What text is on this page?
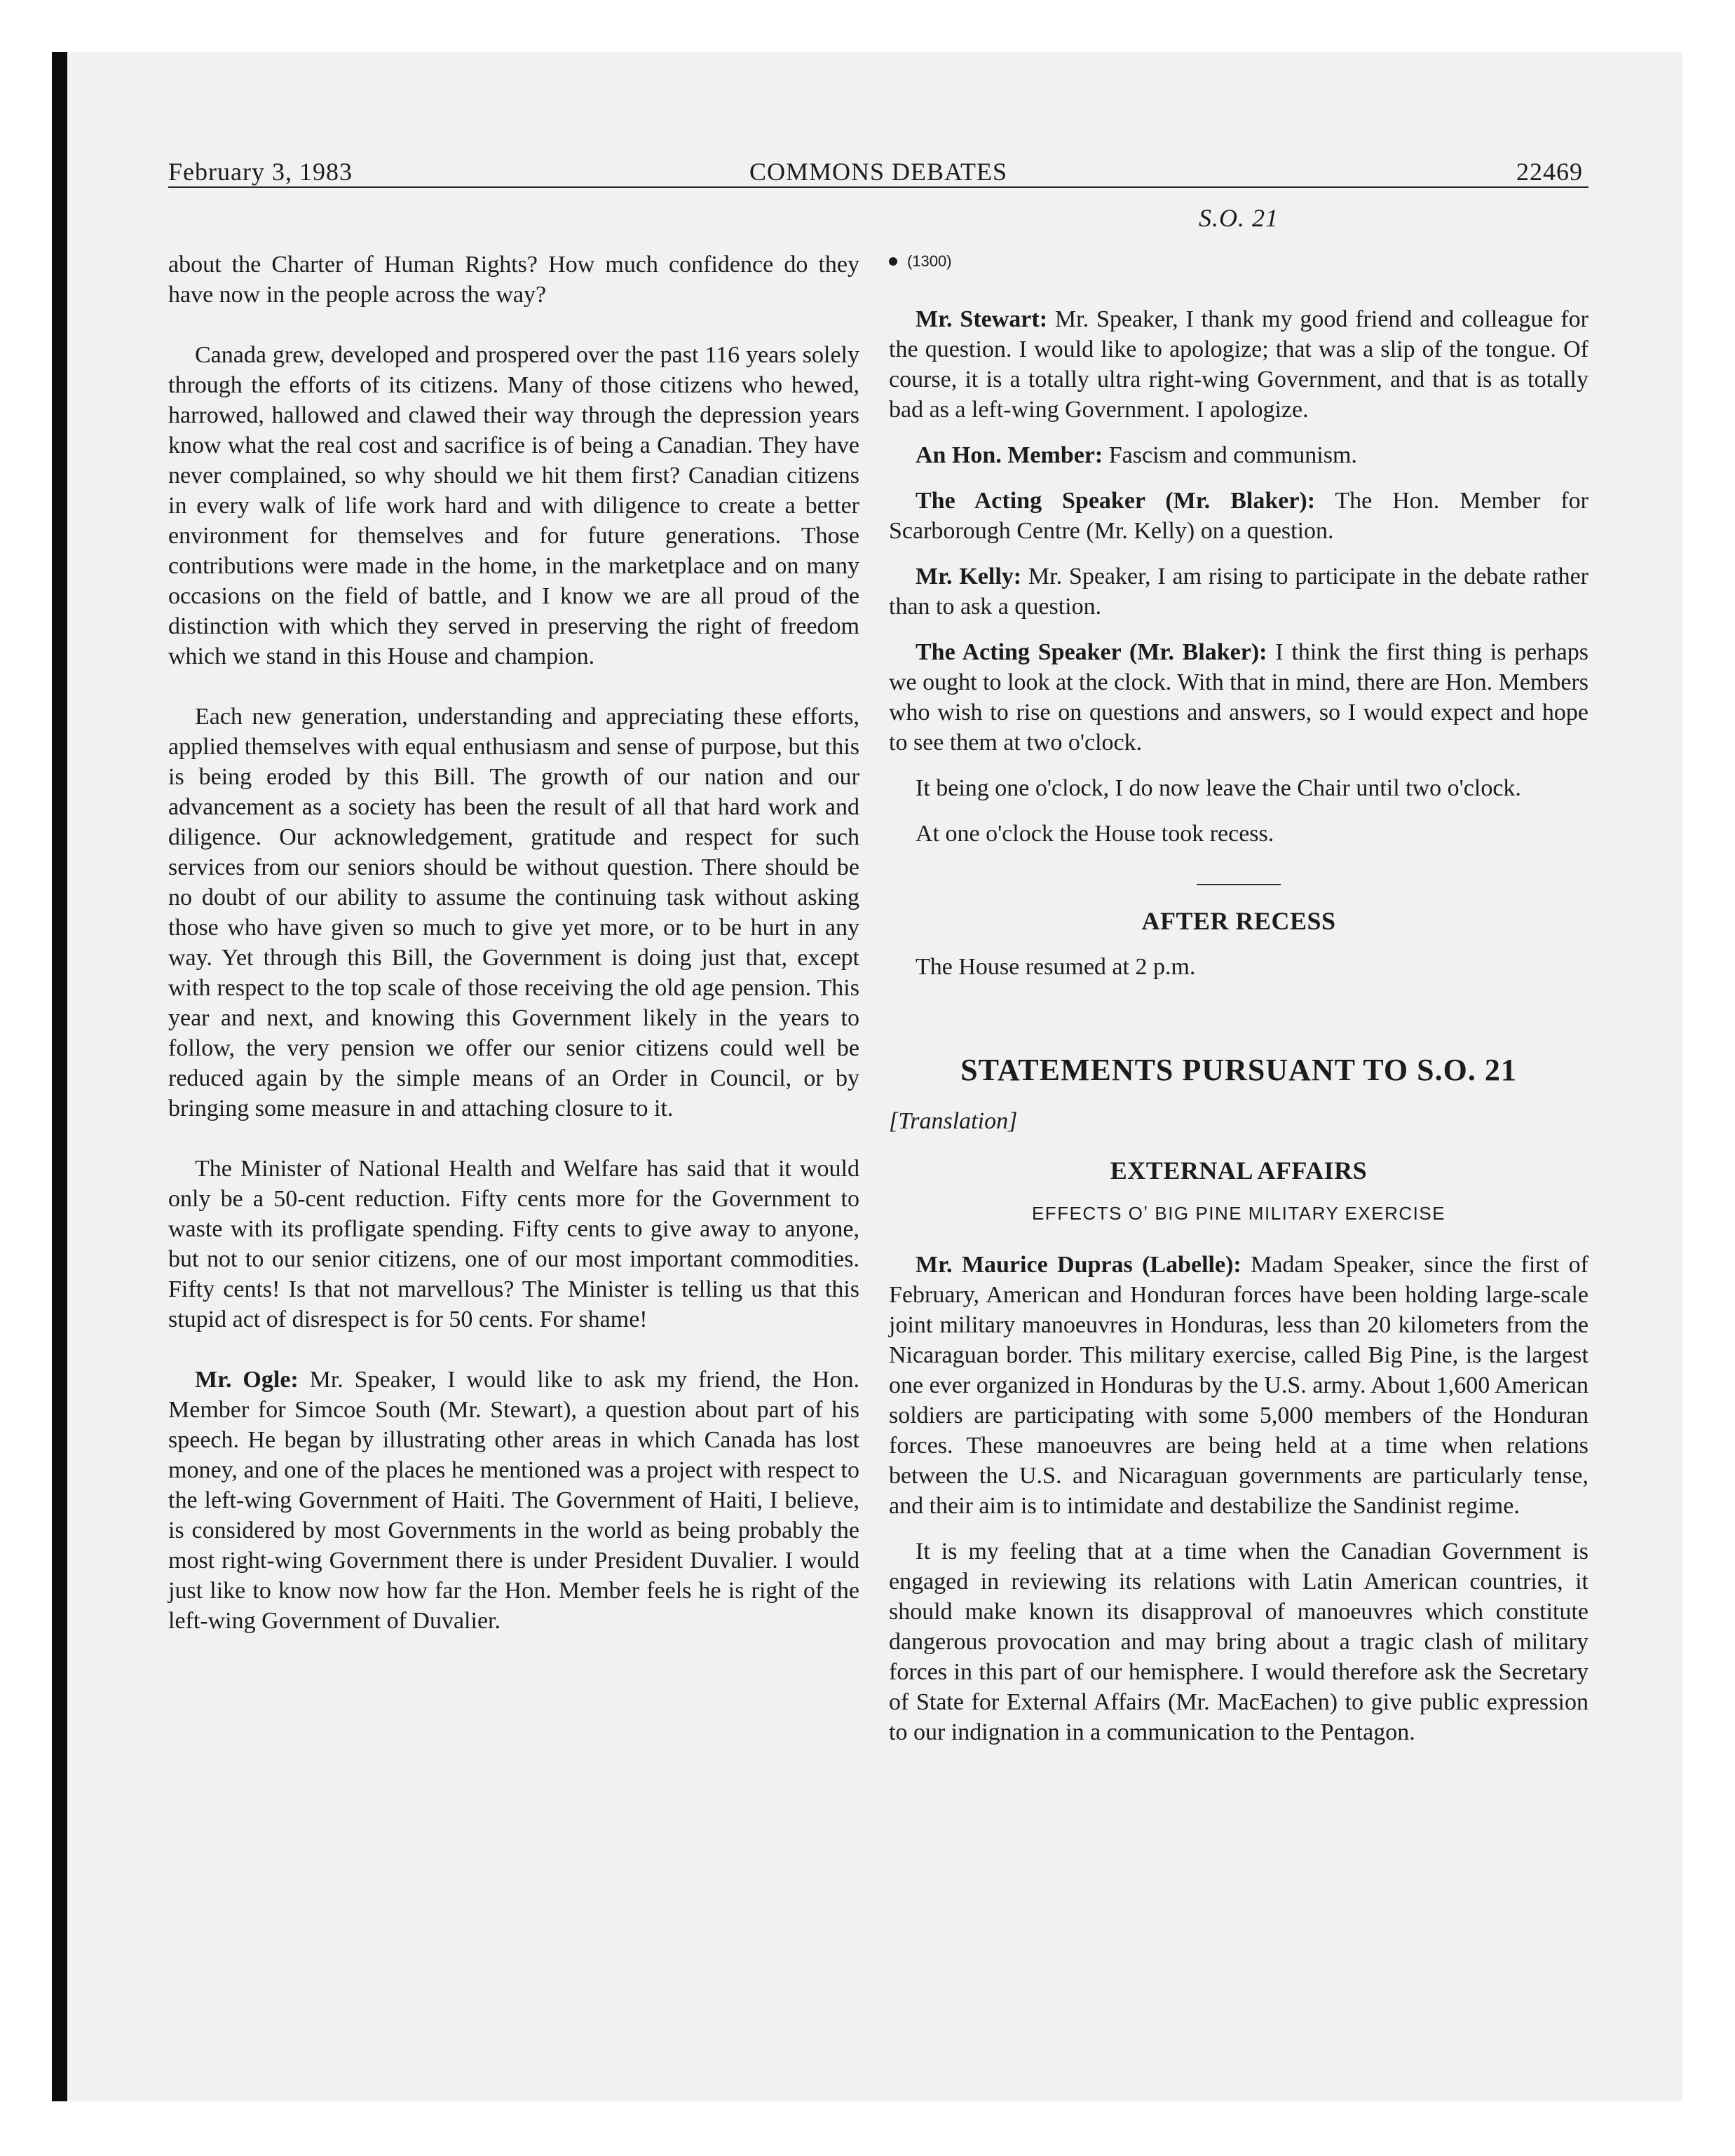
February 3, 1983	COMMONS DEBATES	22469

about the Charter of Human Rights? How much confidence do they have now in the people across the way?

Canada grew, developed and prospered over the past 116 years solely through the efforts of its citizens. Many of those citizens who hewed, harrowed, hallowed and clawed their way through the depression years know what the real cost and sacrifice is of being a Canadian. They have never complained, so why should we hit them first? Canadian citizens in every walk of life work hard and with diligence to create a better environment for themselves and for future generations. Those contributions were made in the home, in the marketplace and on many occasions on the field of battle, and I know we are all proud of the distinction with which they served in preserving the right of freedom which we stand in this House and champion.

Each new generation, understanding and appreciating these efforts, applied themselves with equal enthusiasm and sense of purpose, but this is being eroded by this Bill. The growth of our nation and our advancement as a society has been the result of all that hard work and diligence. Our acknowledgement, gratitude and respect for such services from our seniors should be without question. There should be no doubt of our ability to assume the continuing task without asking those who have given so much to give yet more, or to be hurt in any way. Yet through this Bill, the Government is doing just that, except with respect to the top scale of those receiving the old age pension. This year and next, and knowing this Government likely in the years to follow, the very pension we offer our senior citizens could well be reduced again by the simple means of an Order in Council, or by bringing some measure in and attaching closure to it.

The Minister of National Health and Welfare has said that it would only be a 50-cent reduction. Fifty cents more for the Government to waste with its profligate spending. Fifty cents to give away to anyone, but not to our senior citizens, one of our most important commodities. Fifty cents! Is that not marvellous? The Minister is telling us that this stupid act of disrespect is for 50 cents. For shame!

Mr. Ogle: Mr. Speaker, I would like to ask my friend, the Hon. Member for Simcoe South (Mr. Stewart), a question about part of his speech. He began by illustrating other areas in which Canada has lost money, and one of the places he mentioned was a project with respect to the left-wing Government of Haiti. The Government of Haiti, I believe, is considered by most Governments in the world as being probably the most right-wing Government there is under President Duvalier. I would just like to know now how far the Hon. Member feels he is right of the left-wing Government of Duvalier.

S.O. 21
(1300)

Mr. Stewart: Mr. Speaker, I thank my good friend and colleague for the question. I would like to apologize; that was a slip of the tongue. Of course, it is a totally ultra right-wing Government, and that is as totally bad as a left-wing Government. I apologize.

An Hon. Member: Fascism and communism.

The Acting Speaker (Mr. Blaker): The Hon. Member for Scarborough Centre (Mr. Kelly) on a question.

Mr. Kelly: Mr. Speaker, I am rising to participate in the debate rather than to ask a question.

The Acting Speaker (Mr. Blaker): I think the first thing is perhaps we ought to look at the clock. With that in mind, there are Hon. Members who wish to rise on questions and answers, so I would expect and hope to see them at two o'clock.

It being one o'clock, I do now leave the Chair until two o'clock.

At one o'clock the House took recess.

AFTER RECESS

The House resumed at 2 p.m.

STATEMENTS PURSUANT TO S.O. 21
[Translation]
EXTERNAL AFFAIRS
EFFECTS Oʼ BIG PINE MILITARY EXERCISE

Mr. Maurice Dupras (Labelle): Madam Speaker, since the first of February, American and Honduran forces have been holding large-scale joint military manoeuvres in Honduras, less than 20 kilometers from the Nicaraguan border. This military exercise, called Big Pine, is the largest one ever organized in Honduras by the U.S. army. About 1,600 American soldiers are participating with some 5,000 members of the Honduran forces. These manoeuvres are being held at a time when relations between the U.S. and Nicaraguan governments are particularly tense, and their aim is to intimidate and destabilize the Sandinist regime.

It is my feeling that at a time when the Canadian Government is engaged in reviewing its relations with Latin American countries, it should make known its disapproval of manoeuvres which constitute dangerous provocation and may bring about a tragic clash of military forces in this part of our hemisphere. I would therefore ask the Secretary of State for External Affairs (Mr. MacEachen) to give public expression to our indignation in a communication to the Pentagon.
